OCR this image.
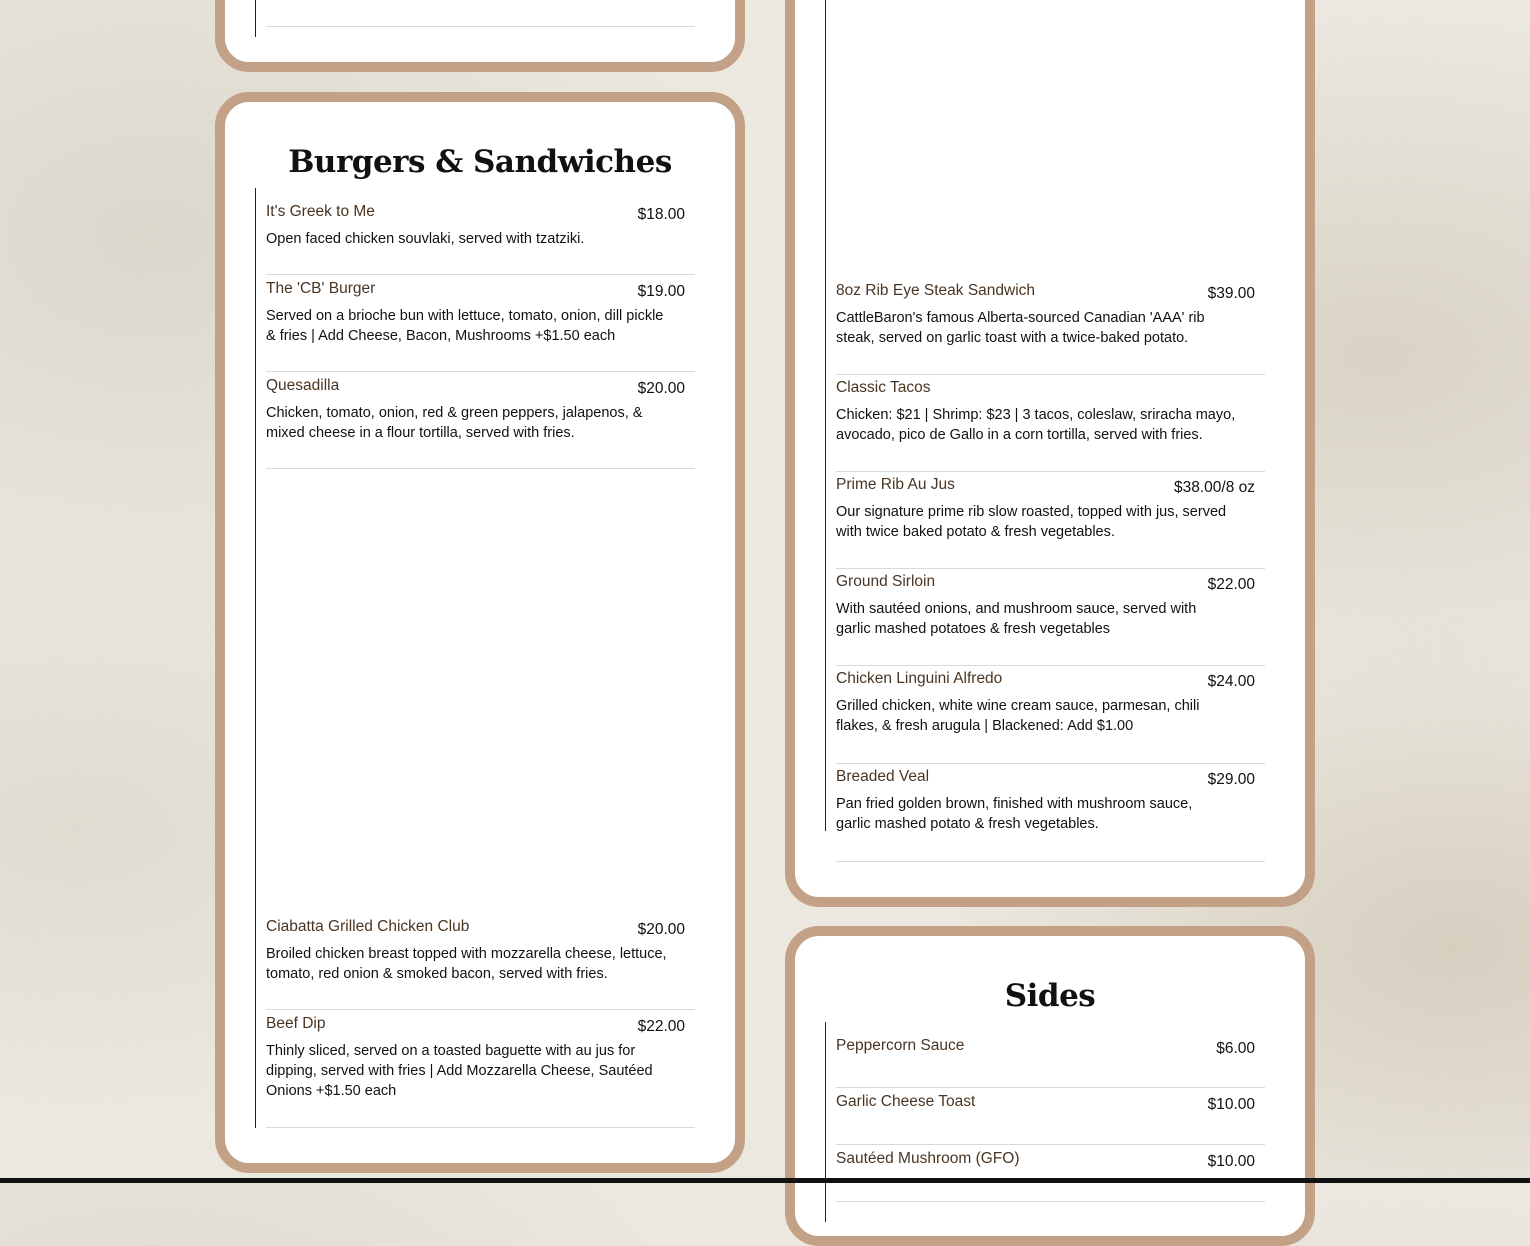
Burgers & Sandwiches
It's Greek to Me	$18.00
Open faced chicken souvlaki, served with tzatziki.
The 'CB' Burger	$19.00
Served on a brioche bun with lettuce, tomato, onion, dill pickle & fries | Add Cheese, Bacon, Mushrooms +$1.50 each
Quesadilla	$20.00
Chicken, tomato, onion, red & green peppers, jalapenos, & mixed cheese in a flour tortilla, served with fries.
Ciabatta Grilled Chicken Club	$20.00
Broiled chicken breast topped with mozzarella cheese, lettuce, tomato, red onion & smoked bacon, served with fries.
Beef Dip	$22.00
Thinly sliced, served on a toasted baguette with au jus for dipping, served with fries | Add Mozzarella Cheese, Sautéed Onions +$1.50 each
8oz Rib Eye Steak Sandwich	$39.00
CattleBaron's famous Alberta-sourced Canadian 'AAA' rib steak, served on garlic toast with a twice-baked potato.
Classic Tacos
Chicken: $21 | Shrimp: $23 | 3 tacos, coleslaw, sriracha mayo, avocado, pico de Gallo in a corn tortilla, served with fries.
Prime Rib Au Jus	$38.00/8 oz
Our signature prime rib slow roasted, topped with jus, served with twice baked potato & fresh vegetables.
Ground Sirloin	$22.00
With sautéed onions, and mushroom sauce, served with garlic mashed potatoes & fresh vegetables
Chicken Linguini Alfredo	$24.00
Grilled chicken, white wine cream sauce, parmesan, chili flakes, & fresh arugula | Blackened: Add $1.00
Breaded Veal	$29.00
Pan fried golden brown, finished with mushroom sauce, garlic mashed potato & fresh vegetables.
Sides
Peppercorn Sauce	$6.00
Garlic Cheese Toast	$10.00
Sautéed Mushroom (GFO)	$10.00
